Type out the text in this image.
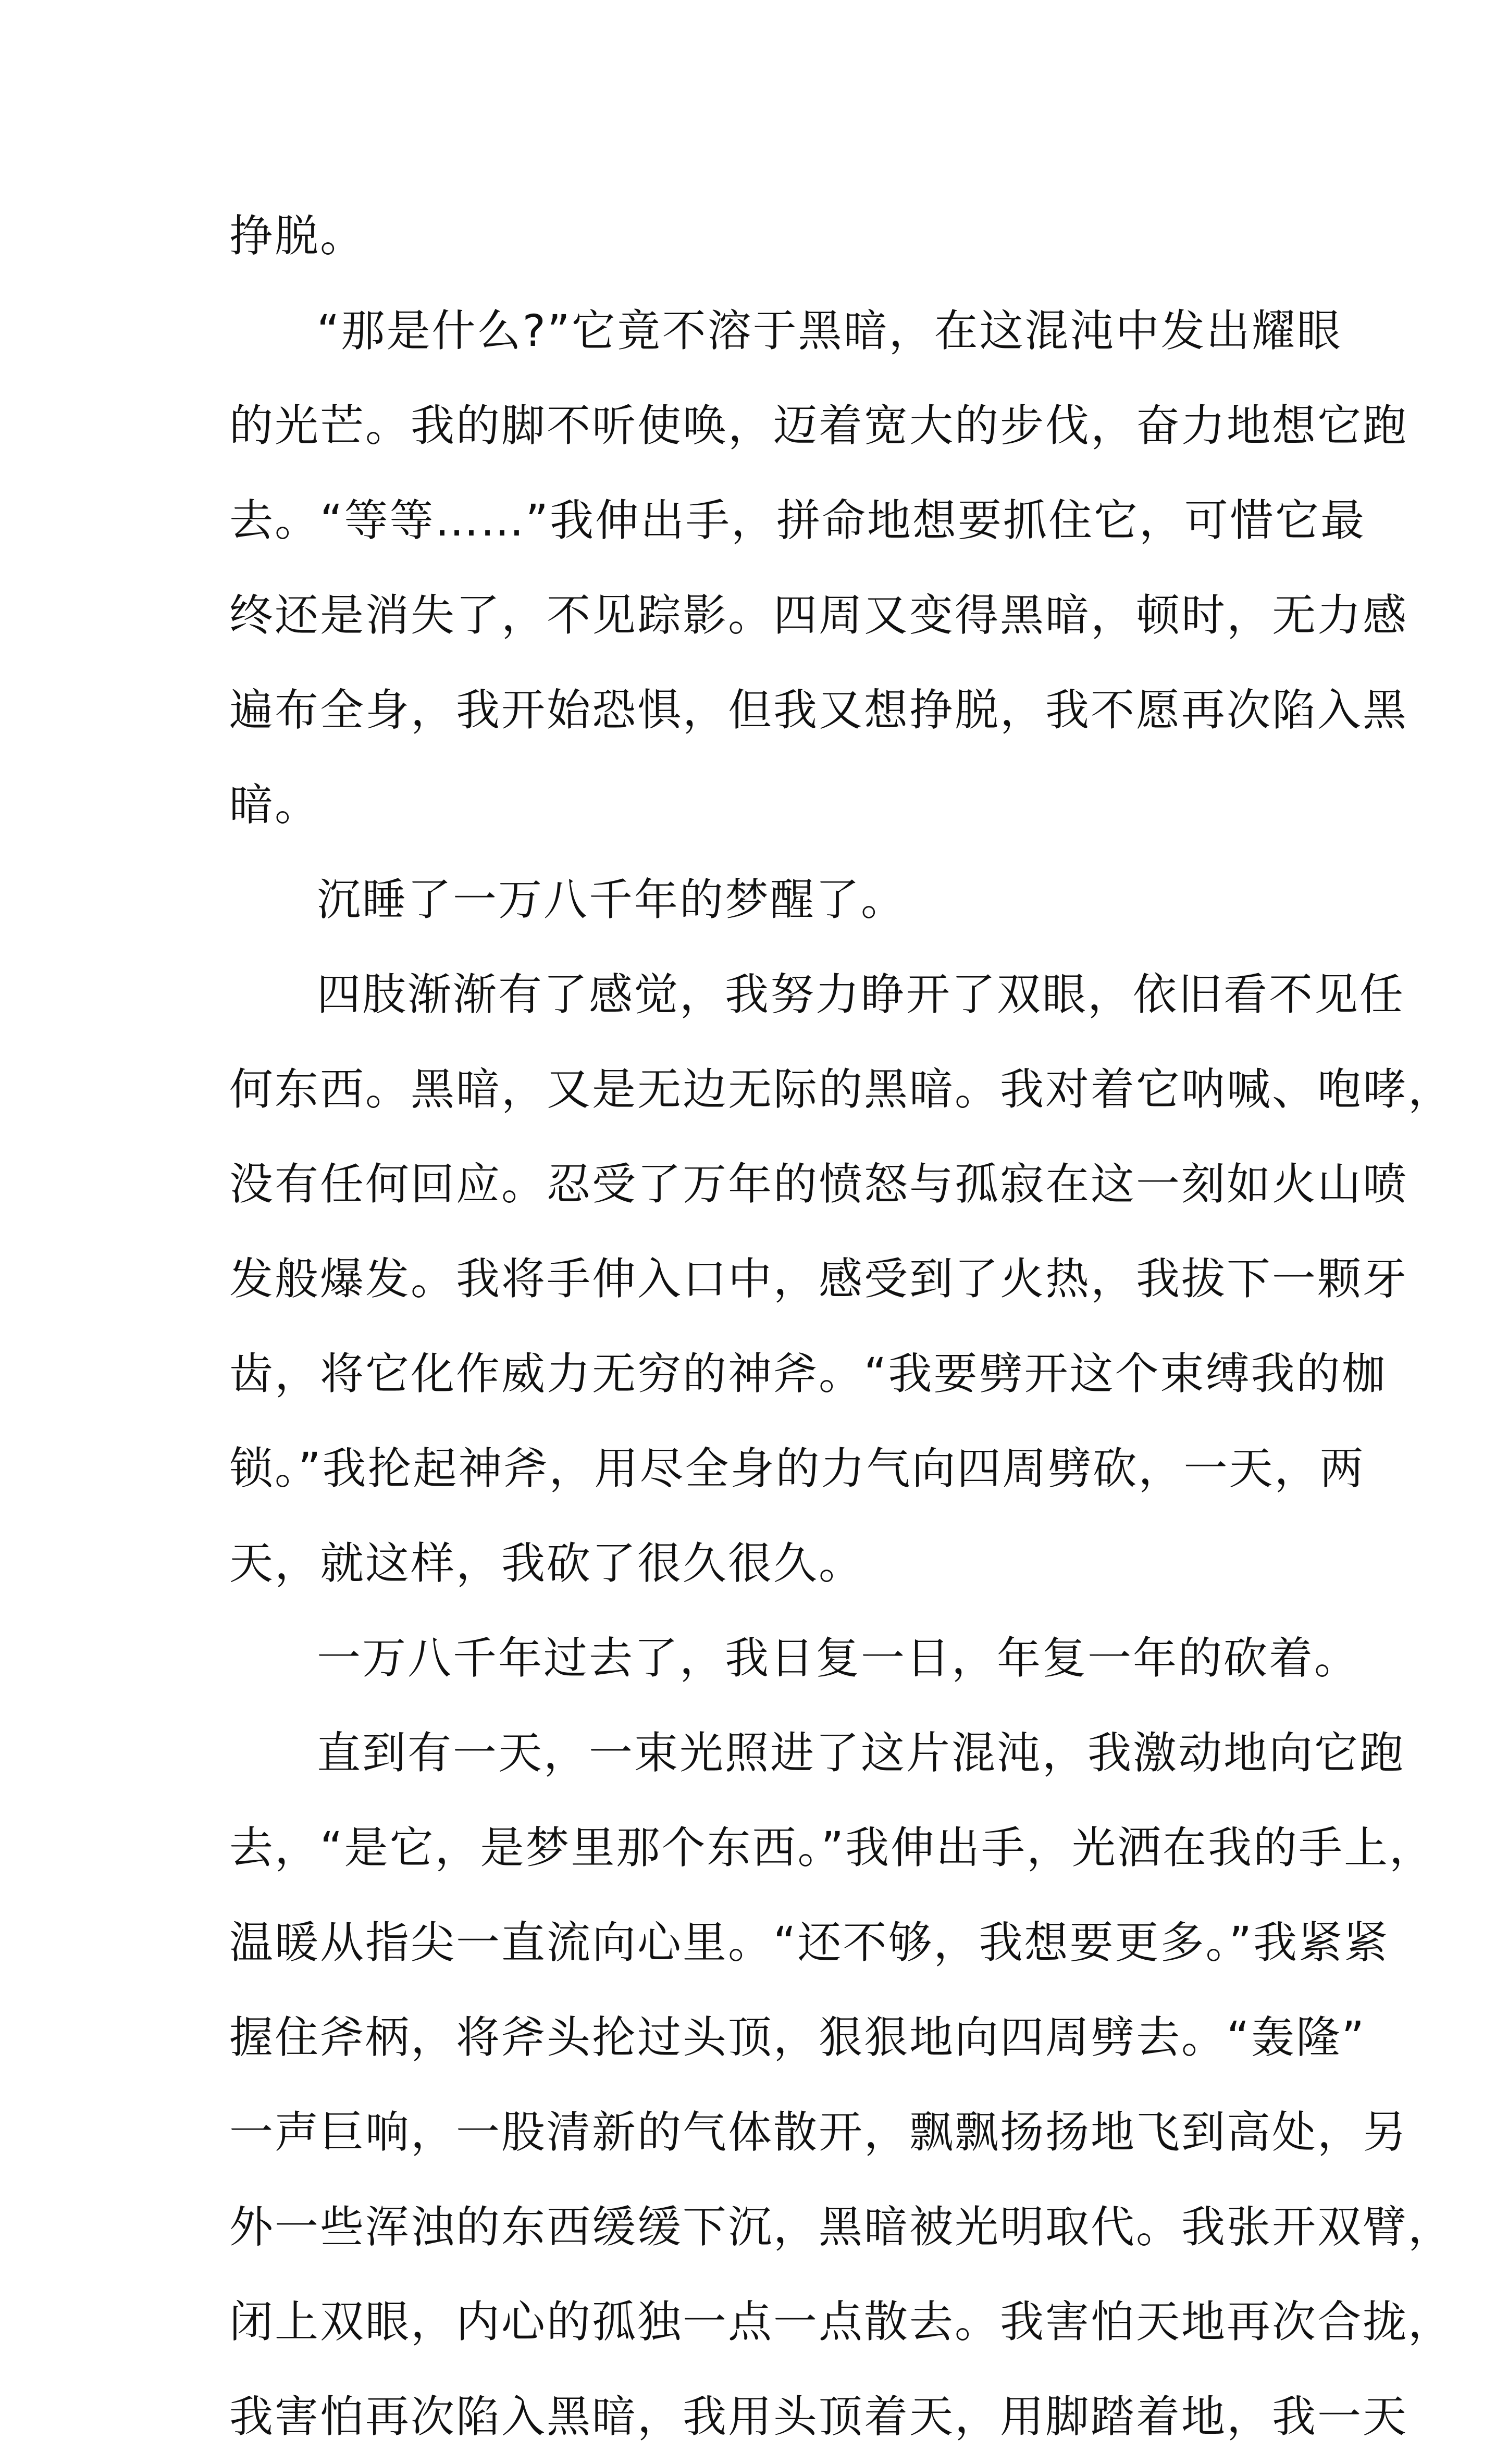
挣脱。
“那是什么?”它竟不溶于黑暗，在这混沌中发出耀眼
的光芒。我的脚不听使唤，迈着宽大的步伐，奋力地想它跑
去。“等等……”我伸出手，拼命地想要抓住它，可惜它最
终还是消失了，不见踪影。四周又变得黑暗，顿时，无力感
遍布全身，我开始恐惧，但我又想挣脱，我不愿再次陷入黑
暗。
沉睡了一万八千年的梦醒了。
四肢渐渐有了感觉，我努力睁开了双眼，依旧看不见任
何东西。黑暗，又是无边无际的黑暗。我对着它呐喊、咆哮，
没有任何回应。忍受了万年的愤怒与孤寂在这一刻如火山喷
发般爆发。我将手伸入口中，感受到了火热，我拔下一颗牙
齿，将它化作威力无穷的神斧。“我要劈开这个束缚我的枷
锁。”我抡起神斧，用尽全身的力气向四周劈砍，一天，两
天，就这样，我砍了很久很久。
一万八千年过去了，我日复一日，年复一年的砍着。
直到有一天，一束光照进了这片混沌，我激动地向它跑
去，“是它，是梦里那个东西。”我伸出手，光洒在我的手上，
温暖从指尖一直流向心里。“还不够，我想要更多。”我紧紧
握住斧柄，将斧头抡过头顶，狠狠地向四周劈去。“轰隆”
一声巨响，一股清新的气体散开，飘飘扬扬地飞到高处，另
外一些浑浊的东西缓缓下沉，黑暗被光明取代。我张开双臂，
闭上双眼，内心的孤独一点一点散去。我害怕天地再次合拢，
我害怕再次陷入黑暗，我用头顶着天，用脚踏着地，我一天
